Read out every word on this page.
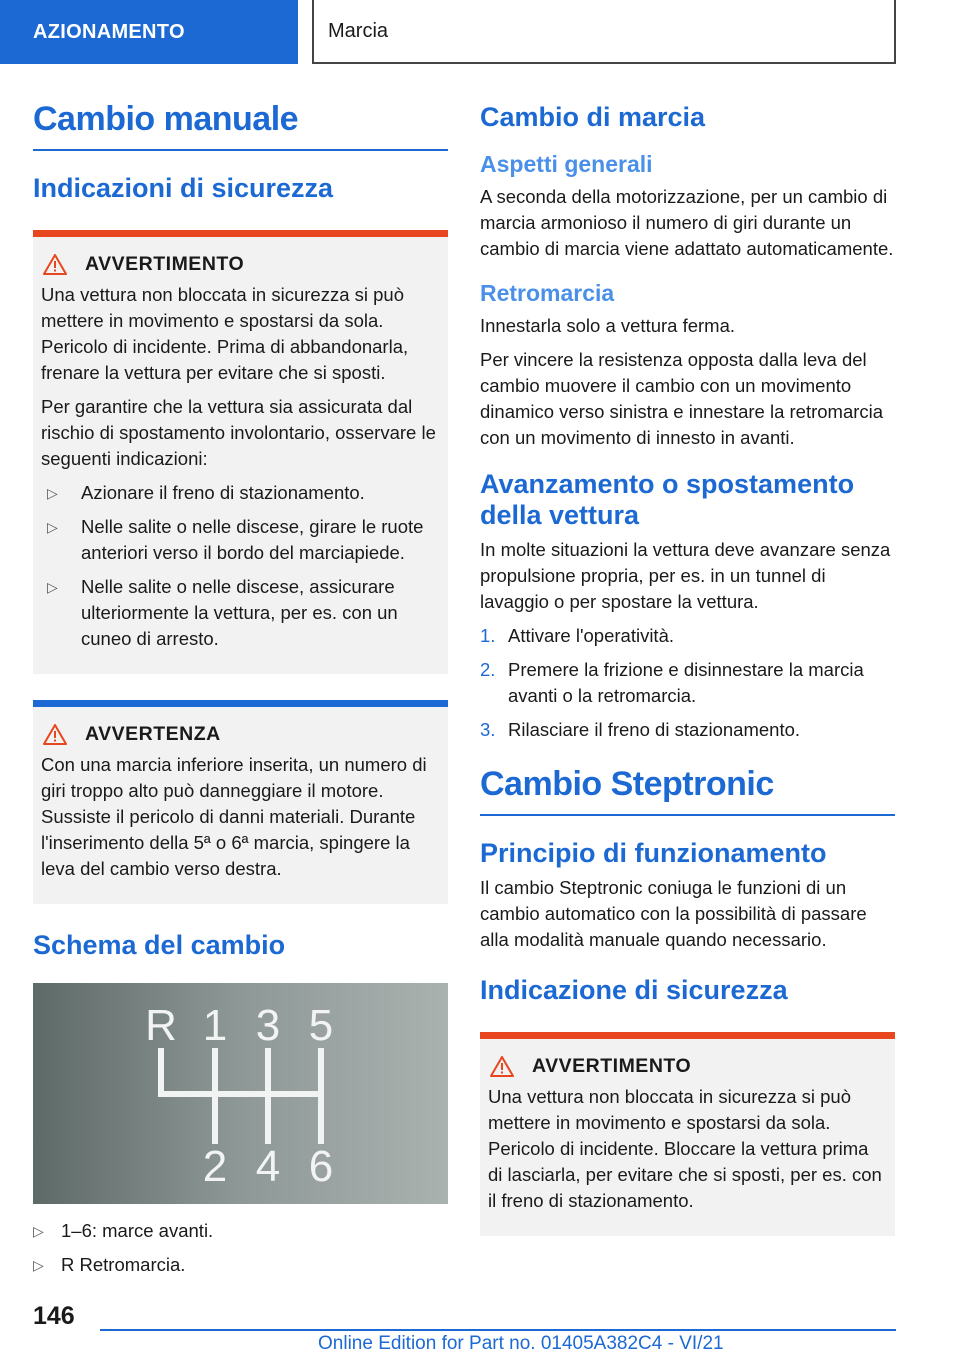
AZIONAMENTO	Marcia
Cambio manuale
Indicazioni di sicurezza
AVVERTIMENTO

Una vettura non bloccata in sicurezza si può mettere in movimento e spostarsi da sola. Pericolo di incidente. Prima di abbandonarla, frenare la vettura per evitare che si sposti.

Per garantire che la vettura sia assicurata dal rischio di spostamento involontario, osservare le seguenti indicazioni:

▷ Azionare il freno di stazionamento.
▷ Nelle salite o nelle discese, girare le ruote anteriori verso il bordo del marciapiede.
▷ Nelle salite o nelle discese, assicurare ulteriormente la vettura, per es. con un cuneo di arresto.
AVVERTENZA

Con una marcia inferiore inserita, un numero di giri troppo alto può danneggiare il motore. Sussiste il pericolo di danni materiali. Durante l'inserimento della 5ª o 6ª marcia, spingere la leva del cambio verso destra.

Schema del cambio
R 1 3 5
2 4 6
▷ 1–6: marce avanti.
▷ R Retromarcia.
Cambio di marcia
Aspetti generali

A seconda della motorizzazione, per un cambio di marcia armonioso il numero di giri durante un cambio di marcia viene adattato automaticamente.

Retromarcia

Innestarla solo a vettura ferma.

Per vincere la resistenza opposta dalla leva del cambio muovere il cambio con un movimento dinamico verso sinistra e innestare la retromarcia con un movimento di innesto in avanti.

Avanzamento o spostamento della vettura

In molte situazioni la vettura deve avanzare senza propulsione propria, per es. in un tunnel di lavaggio o per spostare la vettura.

1. Attivare l'operatività.
2. Premere la frizione e disinnestare la marcia avanti o la retromarcia.
3. Rilasciare il freno di stazionamento.
Cambio Steptronic
Principio di funzionamento

Il cambio Steptronic coniuga le funzioni di un cambio automatico con la possibilità di passare alla modalità manuale quando necessario.

Indicazione di sicurezza
AVVERTIMENTO

Una vettura non bloccata in sicurezza si può mettere in movimento e spostarsi da sola. Pericolo di incidente. Bloccare la vettura prima di lasciarla, per evitare che si sposti, per es. con il freno di stazionamento.

146
Online Edition for Part no. 01405A382C4 - VI/21
